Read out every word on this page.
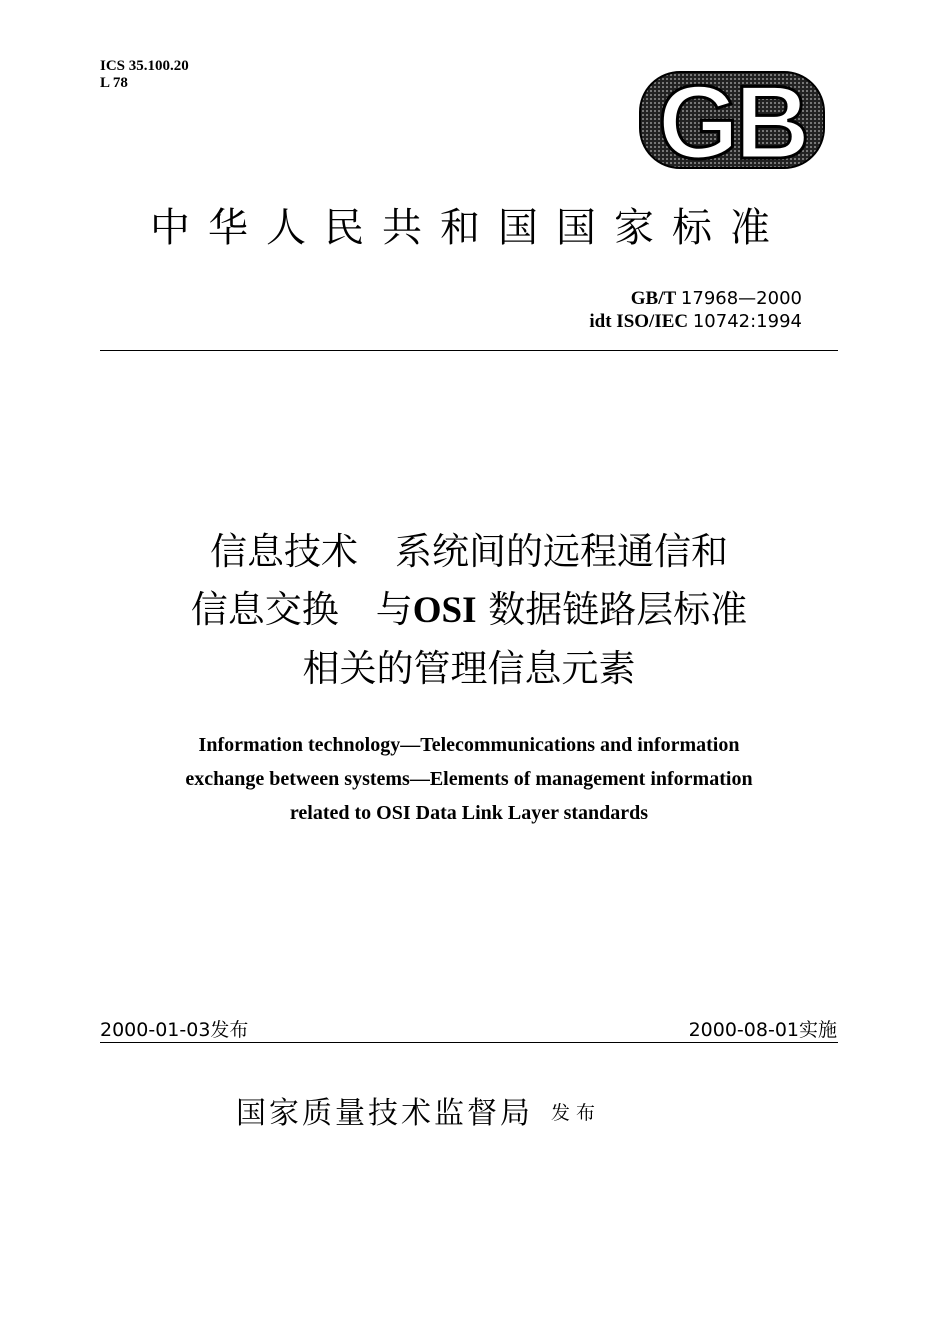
ICS 35.100.20
L 78	GB
中华人民共和国国家标准
GB/T 17968—2000
idt ISO/IEC 10742:1994
信息技术　系统间的远程通信和
信息交换　与OSI 数据链路层标准
相关的管理信息元素
Information technology—Telecommunications and information
exchange between systems—Elements of management information
related to OSI Data Link Layer standards
2000-01-03发布	2000-08-01实施
国家质量技术监督局 发布
